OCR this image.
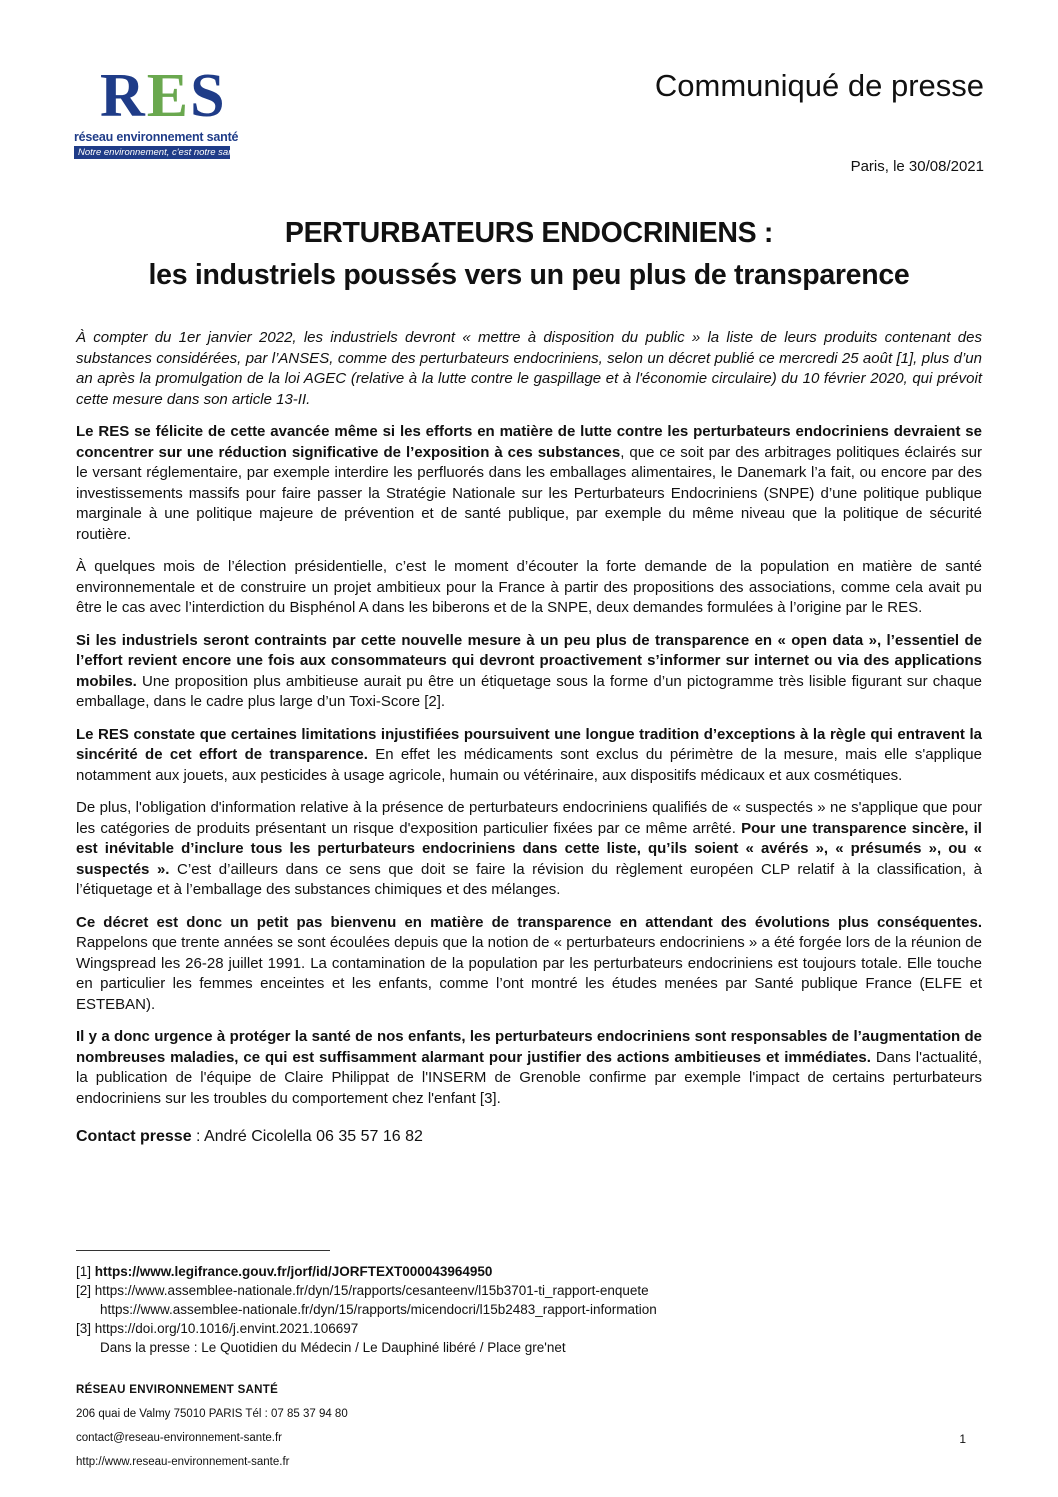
R E S
réseau environnement santé
Notre environnement, c'est notre santé
Communiqué de presse
Paris, le 30/08/2021
PERTURBATEURS ENDOCRINIENS :
les industriels poussés vers un peu plus de transparence

À compter du 1er janvier 2022, les industriels devront « mettre à disposition du public » la liste de leurs produits contenant des substances considérées, par l’ANSES, comme des perturbateurs endocriniens, selon un décret publié ce mercredi 25 août [1], plus d’un an après la promulgation de la loi AGEC (relative à la lutte contre le gaspillage et à l'économie circulaire) du 10 février 2020, qui prévoit cette mesure dans son article 13-II.

Le RES se félicite de cette avancée même si les efforts en matière de lutte contre les perturbateurs endocriniens devraient se concentrer sur une réduction significative de l’exposition à ces substances, que ce soit par des arbitrages politiques éclairés sur le versant réglementaire, par exemple interdire les perfluorés dans les emballages alimentaires, le Danemark l’a fait, ou encore par des investissements massifs pour faire passer la Stratégie Nationale sur les Perturbateurs Endocriniens (SNPE) d’une politique publique marginale à une politique majeure de prévention et de santé publique, par exemple du même niveau que la politique de sécurité routière.

À quelques mois de l’élection présidentielle, c’est le moment d’écouter la forte demande de la population en matière de santé environnementale et de construire un projet ambitieux pour la France à partir des propositions des associations, comme cela avait pu être le cas avec l’interdiction du Bisphénol A dans les biberons et de la SNPE, deux demandes formulées à l’origine par le RES.

Si les industriels seront contraints par cette nouvelle mesure à un peu plus de transparence en « open data », l’essentiel de l’effort revient encore une fois aux consommateurs qui devront proactivement s’informer sur internet ou via des applications mobiles. Une proposition plus ambitieuse aurait pu être un étiquetage sous la forme d’un pictogramme très lisible figurant sur chaque emballage, dans le cadre plus large d’un Toxi-Score [2].

Le RES constate que certaines limitations injustifiées poursuivent une longue tradition d’exceptions à la règle qui entravent la sincérité de cet effort de transparence. En effet les médicaments sont exclus du périmètre de la mesure, mais elle s'applique notamment aux jouets, aux pesticides à usage agricole, humain ou vétérinaire, aux dispositifs médicaux et aux cosmétiques.

De plus, l'obligation d'information relative à la présence de perturbateurs endocriniens qualifiés de « suspectés » ne s'applique que pour les catégories de produits présentant un risque d'exposition particulier fixées par ce même arrêté. Pour une transparence sincère, il est inévitable d’inclure tous les perturbateurs endocriniens dans cette liste, qu’ils soient « avérés », « présumés », ou « suspectés ». C’est d’ailleurs dans ce sens que doit se faire la révision du règlement européen CLP relatif à la classification, à l’étiquetage et à l’emballage des substances chimiques et des mélanges.

Ce décret est donc un petit pas bienvenu en matière de transparence en attendant des évolutions plus conséquentes. Rappelons que trente années se sont écoulées depuis que la notion de « perturbateurs endocriniens » a été forgée lors de la réunion de Wingspread les 26-28 juillet 1991. La contamination de la population par les perturbateurs endocriniens est toujours totale. Elle touche en particulier les femmes enceintes et les enfants, comme l’ont montré les études menées par Santé publique France (ELFE et ESTEBAN).

Il y a donc urgence à protéger la santé de nos enfants, les perturbateurs endocriniens sont responsables de l’augmentation de nombreuses maladies, ce qui est suffisamment alarmant pour justifier des actions ambitieuses et immédiates. Dans l'actualité, la publication de l'équipe de Claire Philippat de l'INSERM de Grenoble confirme par exemple l'impact de certains perturbateurs endocriniens sur les troubles du comportement chez l'enfant [3].

Contact presse : André Cicolella 06 35 57 16 82

[1] https://www.legifrance.gouv.fr/jorf/id/JORFTEXT000043964950
[2] https://www.assemblee-nationale.fr/dyn/15/rapports/cesanteenv/l15b3701-ti_rapport-enquete
https://www.assemblee-nationale.fr/dyn/15/rapports/micendocri/l15b2483_rapport-information
[3] https://doi.org/10.1016/j.envint.2021.106697
Dans la presse : Le Quotidien du Médecin / Le Dauphiné libéré / Place gre'net
RÉSEAU ENVIRONNEMENT SANTÉ
206 quai de Valmy 75010 PARIS Tél : 07 85 37 94 80
contact@reseau-environnement-sante.fr
http://www.reseau-environnement-sante.fr
1
